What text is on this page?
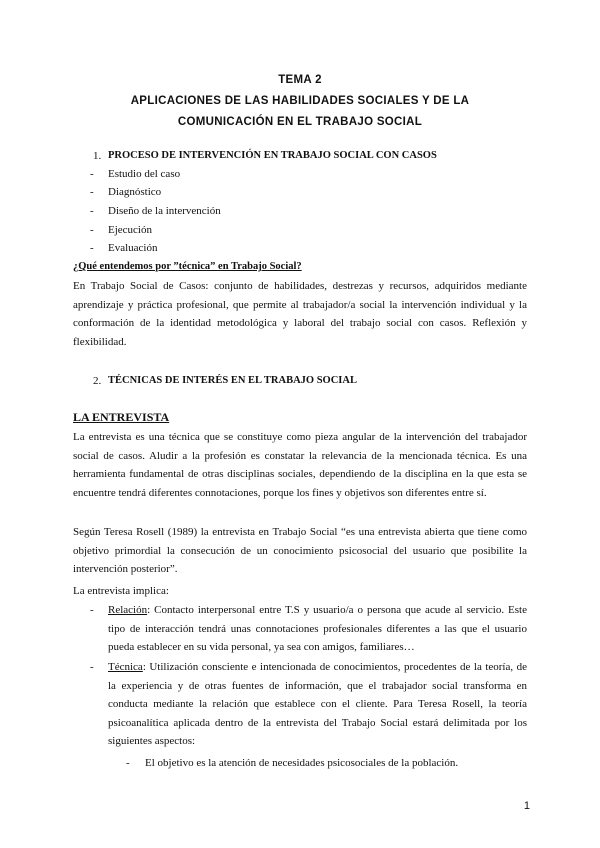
TEMA 2
APLICACIONES DE LAS HABILIDADES SOCIALES Y DE LA
COMUNICACIÓN EN EL TRABAJO SOCIAL
1. PROCESO DE INTERVENCIÓN EN TRABAJO SOCIAL CON CASOS
- Estudio del caso
- Diagnóstico
- Diseño de la intervención
- Ejecución
- Evaluación
¿Qué entendemos por ”técnica” en Trabajo Social?
En Trabajo Social de Casos: conjunto de habilidades, destrezas y recursos, adquiridos mediante aprendizaje y práctica profesional, que permite al trabajador/a social la intervención individual y la conformación de la identidad metodológica y laboral del trabajo social con casos. Reflexión y flexibilidad.
2. TÉCNICAS DE INTERÉS EN EL TRABAJO SOCIAL
LA ENTREVISTA
La entrevista es una técnica que se constituye como pieza angular de la intervención del trabajador social de casos. Aludir a la profesión es constatar la relevancia de la mencionada técnica. Es una herramienta fundamental de otras disciplinas sociales, dependiendo de la disciplina en la que esta se encuentre tendrá diferentes connotaciones, porque los fines y objetivos son diferentes entre sí.
Según Teresa Rosell (1989) la entrevista en Trabajo Social “es una entrevista abierta que tiene como objetivo primordial la consecución de un conocimiento psicosocial del usuario que posibilite la intervención posterior”.
La entrevista implica:
- Relación: Contacto interpersonal entre T.S y usuario/a o persona que acude al servicio. Este tipo de interacción tendrá unas connotaciones profesionales diferentes a las que el usuario pueda establecer en su vida personal, ya sea con amigos, familiares…
- Técnica: Utilización consciente e intencionada de conocimientos, procedentes de la teoría, de la experiencia y de otras fuentes de información, que el trabajador social transforma en conducta mediante la relación que establece con el cliente. Para Teresa Rosell, la teoría psicoanalítica aplicada dentro de la entrevista del Trabajo Social estará delimitada por los siguientes aspectos:
- El objetivo es la atención de necesidades psicosociales de la población.
1
